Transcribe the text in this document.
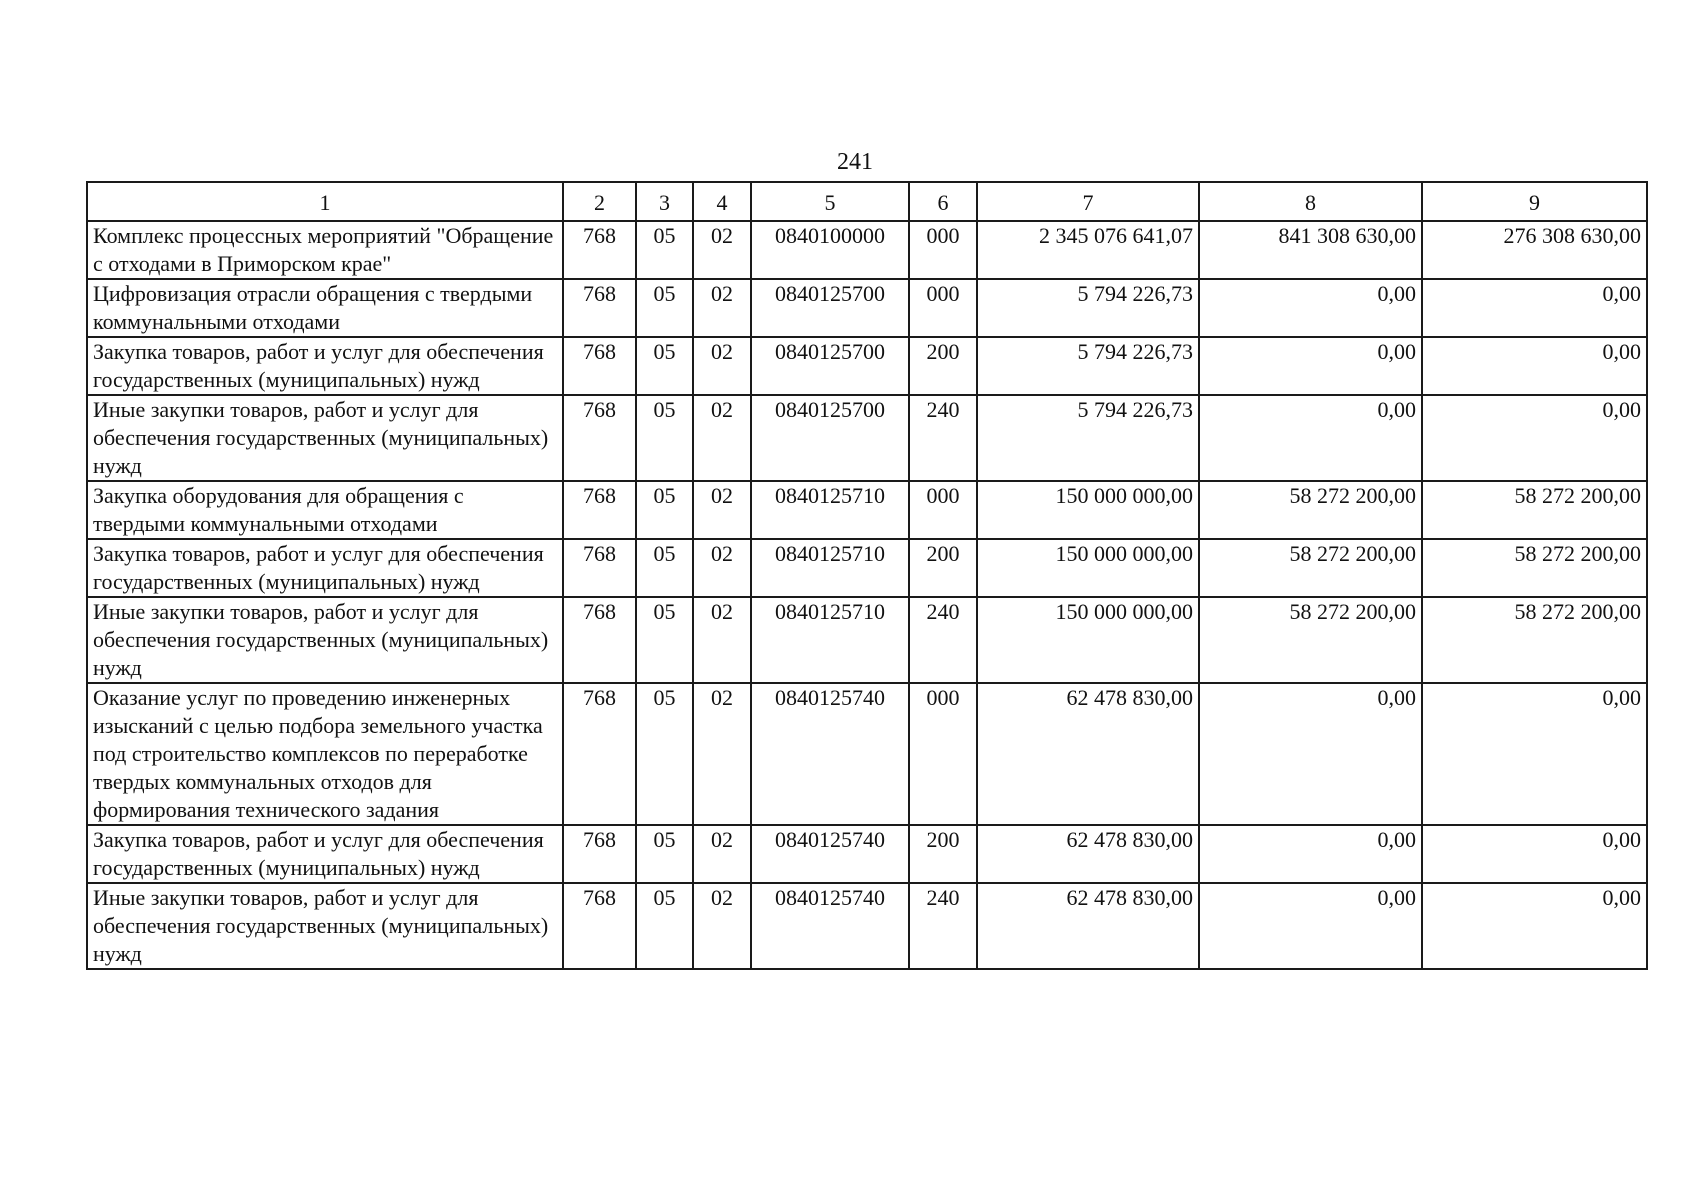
241
1	2	3	4	5	6	7	8	9
Комплекс процессных мероприятий "Обращение с отходами в Приморском крае"	768	05	02	0840100000	000	2 345 076 641,07	841 308 630,00	276 308 630,00
Цифровизация отрасли обращения с твердыми коммунальными отходами	768	05	02	0840125700	000	5 794 226,73	0,00	0,00
Закупка товаров, работ и услуг для обеспечения государственных (муниципальных) нужд	768	05	02	0840125700	200	5 794 226,73	0,00	0,00
Иные закупки товаров, работ и услуг для обеспечения государственных (муниципальных) нужд	768	05	02	0840125700	240	5 794 226,73	0,00	0,00
Закупка оборудования для обращения с твердыми коммунальными отходами	768	05	02	0840125710	000	150 000 000,00	58 272 200,00	58 272 200,00
Закупка товаров, работ и услуг для обеспечения государственных (муниципальных) нужд	768	05	02	0840125710	200	150 000 000,00	58 272 200,00	58 272 200,00
Иные закупки товаров, работ и услуг для обеспечения государственных (муниципальных) нужд	768	05	02	0840125710	240	150 000 000,00	58 272 200,00	58 272 200,00
Оказание услуг по проведению инженерных изысканий с целью подбора земельного участка под строительство комплексов по переработке твердых коммунальных отходов для формирования технического задания	768	05	02	0840125740	000	62 478 830,00	0,00	0,00
Закупка товаров, работ и услуг для обеспечения государственных (муниципальных) нужд	768	05	02	0840125740	200	62 478 830,00	0,00	0,00
Иные закупки товаров, работ и услуг для обеспечения государственных (муниципальных) нужд	768	05	02	0840125740	240	62 478 830,00	0,00	0,00
